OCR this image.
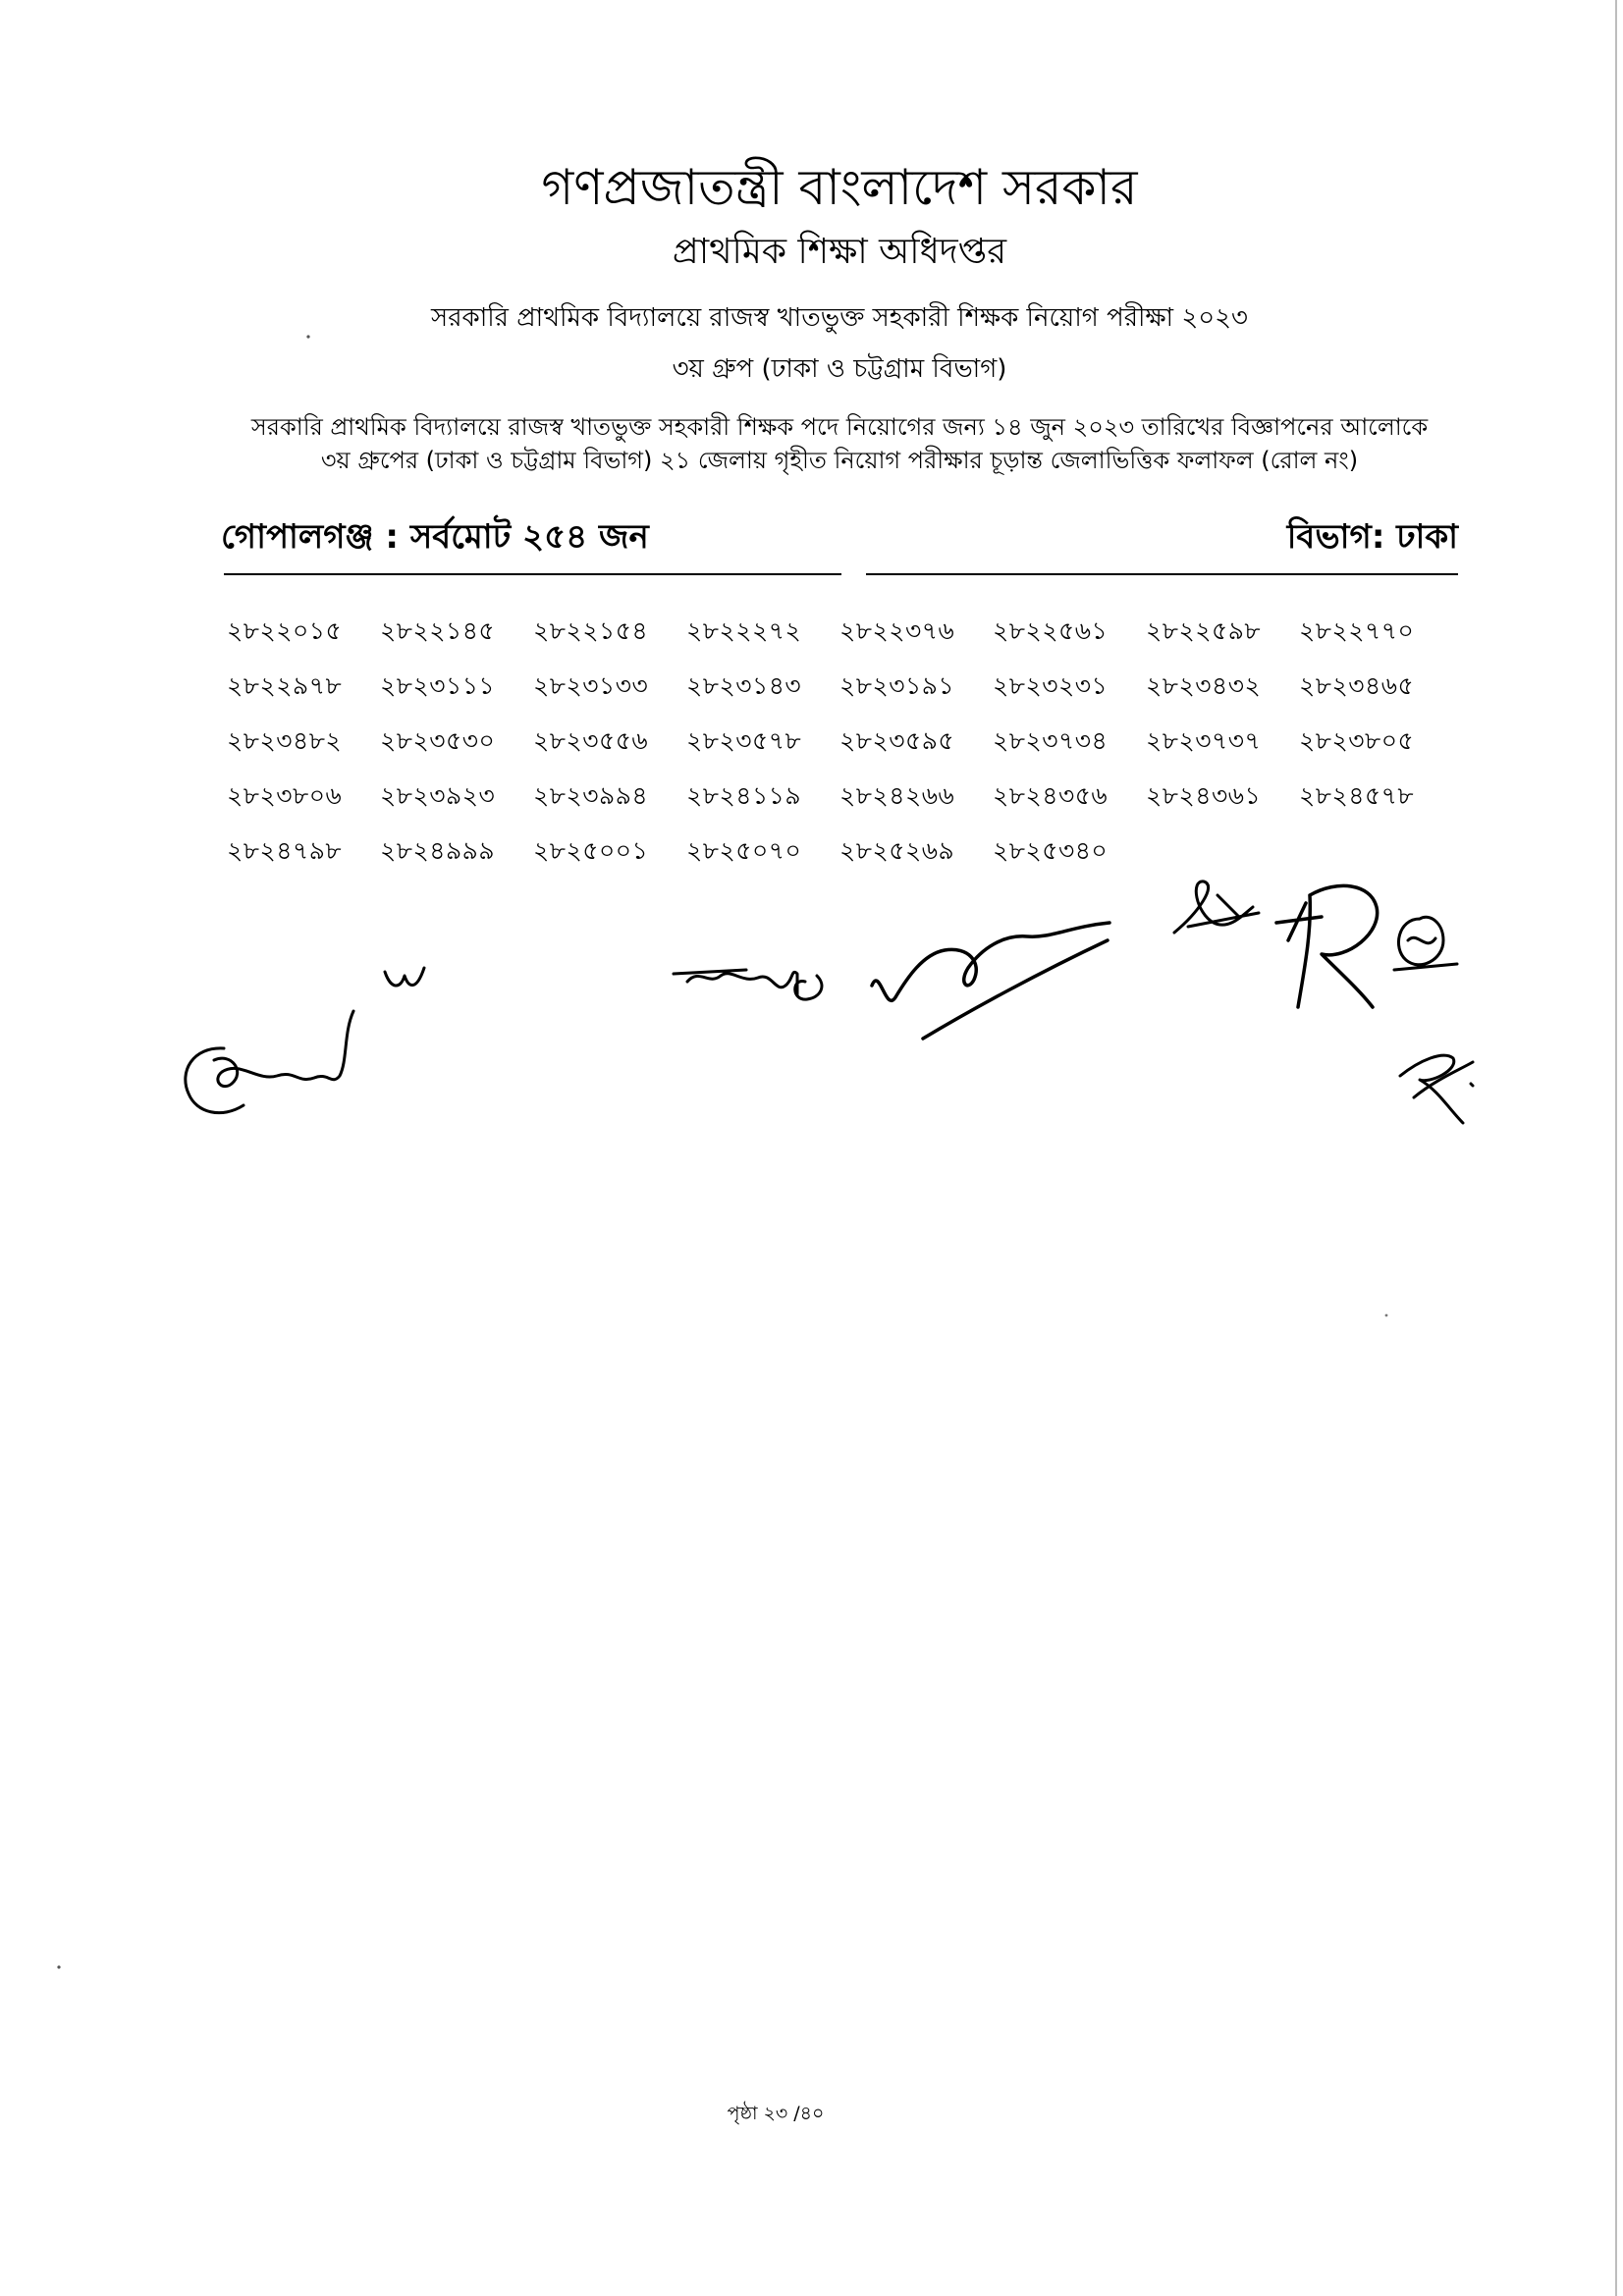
গণপ্রজাতন্ত্রী বাংলাদেশ সরকার
প্রাথমিক শিক্ষা অধিদপ্তর
সরকারি প্রাথমিক বিদ্যালয়ে রাজস্ব খাতভুক্ত সহকারী শিক্ষক নিয়োগ পরীক্ষা ২০২৩
৩য় গ্রুপ (ঢাকা ও চট্টগ্রাম বিভাগ)
সরকারি প্রাথমিক বিদ্যালয়ে রাজস্ব খাতভুক্ত সহকারী শিক্ষক পদে নিয়োগের জন্য ১৪ জুন ২০২৩ তারিখের বিজ্ঞাপনের আলোকে
৩য় গ্রুপের (ঢাকা ও চট্টগ্রাম বিভাগ) ২১ জেলায় গৃহীত নিয়োগ পরীক্ষার চূড়ান্ত জেলাভিত্তিক ফলাফল (রোল নং)
গোপালগঞ্জ : সর্বমোট ২৫৪ জন	বিভাগ: ঢাকা
২৮২২০১৫	২৮২২১৪৫	২৮২২১৫৪	২৮২২২৭২	২৮২২৩৭৬	২৮২২৫৬১	২৮২২৫৯৮	২৮২২৭৭০
২৮২২৯৭৮	২৮২৩১১১	২৮২৩১৩৩	২৮২৩১৪৩	২৮২৩১৯১	২৮২৩২৩১	২৮২৩৪৩২	২৮২৩৪৬৫
২৮২৩৪৮২	২৮২৩৫৩০	২৮২৩৫৫৬	২৮২৩৫৭৮	২৮২৩৫৯৫	২৮২৩৭৩৪	২৮২৩৭৩৭	২৮২৩৮০৫
২৮২৩৮০৬	২৮২৩৯২৩	২৮২৩৯৯৪	২৮২৪১১৯	২৮২৪২৬৬	২৮২৪৩৫৬	২৮২৪৩৬১	২৮২৪৫৭৮
২৮২৪৭৯৮	২৮২৪৯৯৯	২৮২৫০০১	২৮২৫০৭০	২৮২৫২৬৯	২৮২৫৩৪০
পৃষ্ঠা ২৩ /৪০
